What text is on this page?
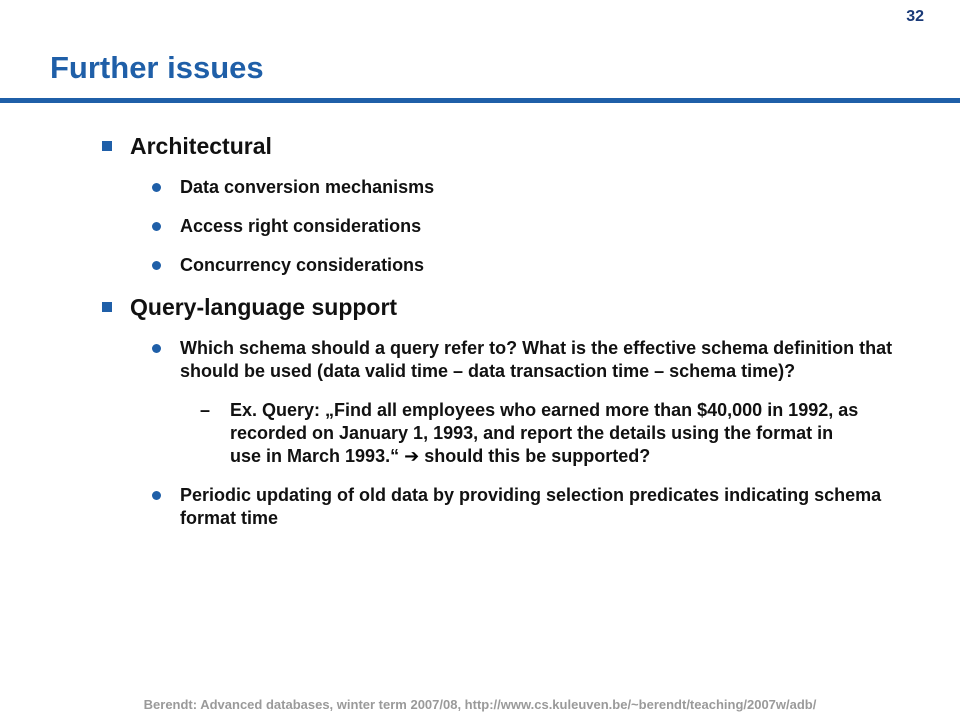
32
Further issues
Architectural
Data conversion mechanisms
Access right considerations
Concurrency considerations
Query-language support
Which schema should a query refer to? What is the effective schema definition that should be used (data valid time – data transaction time – schema time)?
– Ex. Query: „Find all employees who earned more than $40,000 in 1992, as recorded on January 1, 1993, and report the details using the format in use in March 1993.“ ➔ should this be supported?
Periodic updating of old data by providing selection predicates indicating schema format time
Berendt: Advanced databases, winter term 2007/08, http://www.cs.kuleuven.be/~berendt/teaching/2007w/adb/
